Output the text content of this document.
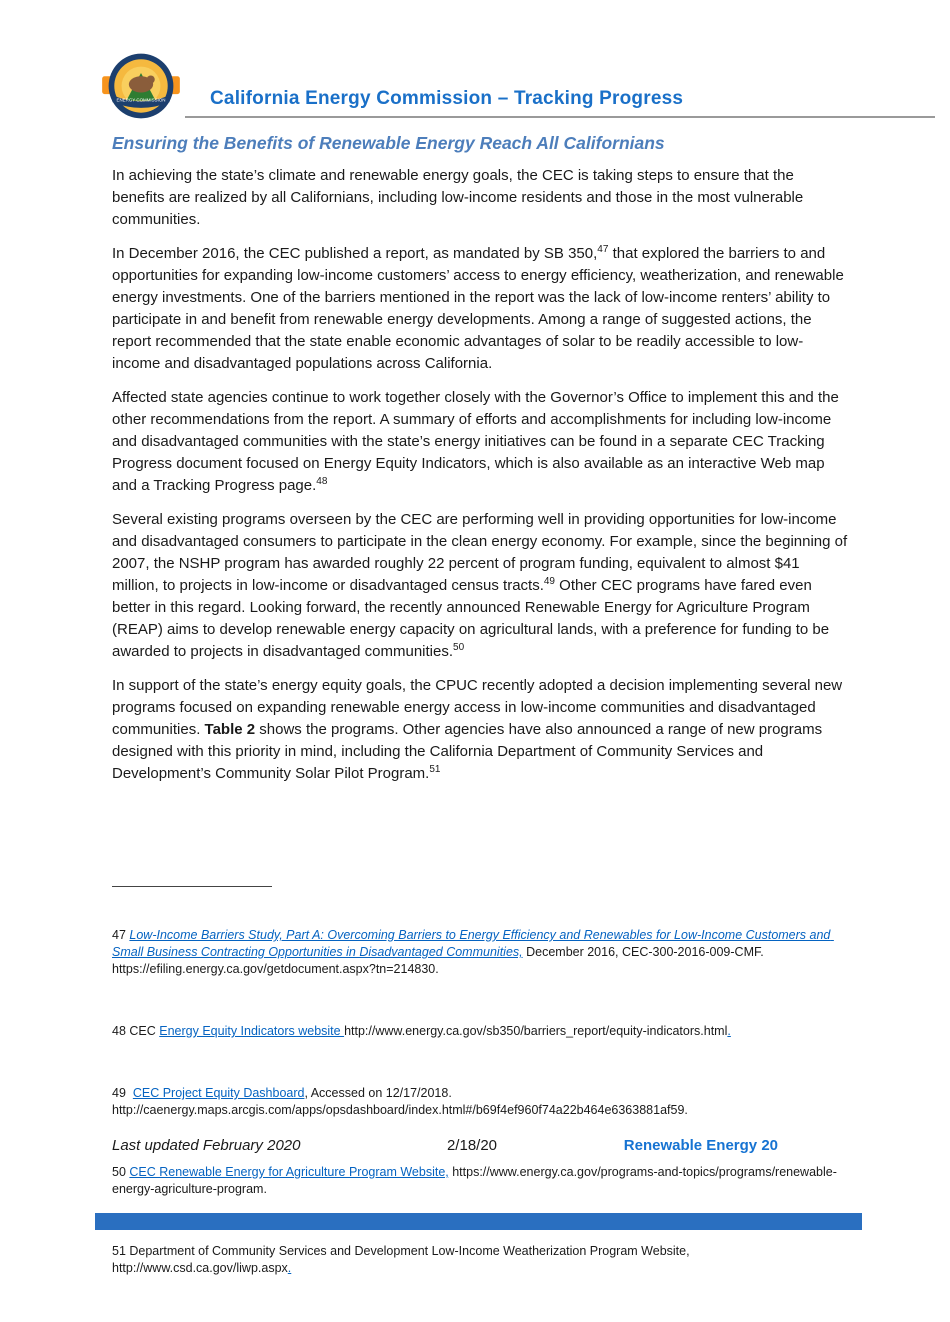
ENERGY COMMISSION California Energy Commission – Tracking Progress
Ensuring the Benefits of Renewable Energy Reach All Californians

In achieving the state’s climate and renewable energy goals, the CEC is taking steps to ensure that the benefits are realized by all Californians, including low-income residents and those in the most vulnerable communities.

In December 2016, the CEC published a report, as mandated by SB 350,47 that explored the barriers to and opportunities for expanding low-income customers’ access to energy efficiency, weatherization, and renewable energy investments. One of the barriers mentioned in the report was the lack of low-income renters’ ability to participate in and benefit from renewable energy developments. Among a range of suggested actions, the report recommended that the state enable economic advantages of solar to be readily accessible to low-income and disadvantaged populations across California.

Affected state agencies continue to work together closely with the Governor’s Office to implement this and the other recommendations from the report. A summary of efforts and accomplishments for including low-income and disadvantaged communities with the state’s energy initiatives can be found in a separate CEC Tracking Progress document focused on Energy Equity Indicators, which is also available as an interactive Web map and a Tracking Progress page.$^{48}$

Several existing programs overseen by the CEC are performing well in providing opportunities for low-income and disadvantaged consumers to participate in the clean energy economy. For example, since the beginning of 2007, the NSHP program has awarded roughly 22 percent of program funding, equivalent to almost $41 million, to projects in low-income or disadvantaged census tracts.$^{49}$ Other CEC programs have fared even better in this regard. Looking forward, the recently announced Renewable Energy for Agriculture Program (REAP) aims to develop renewable energy capacity on agricultural lands, with a preference for funding to be awarded to projects in disadvantaged communities.$^{50}$

In support of the state’s energy equity goals, the CPUC recently adopted a decision implementing several new programs focused on expanding renewable energy access in low-income communities and disadvantaged communities. Table 2 shows the programs. Other agencies have also announced a range of new programs designed with this priority in mind, including the California Department of Community Services and Development’s Community Solar Pilot Program.$^{51}$

47 Low-Income Barriers Study, Part A: Overcoming Barriers to Energy Efficiency and Renewables for Low-Income Customers and Small Business Contracting Opportunities in Disadvantaged Communities, December 2016, CEC-300-2016-009-CMF. https://efiling.energy.ca.gov/getdocument.aspx?tn=214830.

48 CEC Energy Equity Indicators website http://www.energy.ca.gov/sb350/barriers_report/equity-indicators.html.

49  CEC Project Equity Dashboard, Accessed on 12/17/2018. http://caenergy.maps.arcgis.com/apps/opsdashboard/index.html#/b69f4ef960f74a22b464e6363881af59.

50 CEC Renewable Energy for Agriculture Program Website, https://www.energy.ca.gov/programs-and-topics/programs/renewable-energy-agriculture-program.

51 Department of Community Services and Development Low-Income Weatherization Program Website, http://www.csd.ca.gov/liwp.aspx.

Last updated February 2020	2/18/20	Renewable Energy 20
